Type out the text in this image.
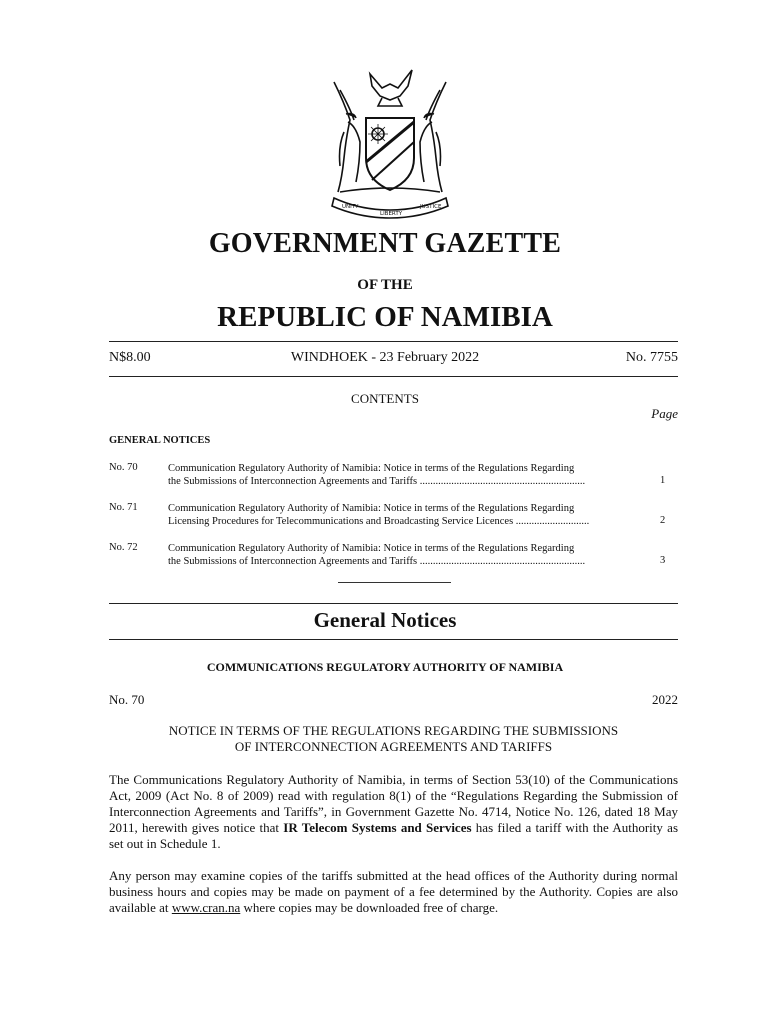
UNITY
LIBERTY
JUSTICE
GOVERNMENT GAZETTE
OF THE
REPUBLIC OF NAMIBIA
N$8.00	WINDHOEK - 23 February 2022	No. 7755
CONTENTS
Page
GENERAL NOTICES
No. 70	Communication Regulatory Authority of Namibia: Notice in terms of the Regulations Regarding
the Submissions of Interconnection Agreements and Tariffs ...............................................................	1
No. 71	Communication Regulatory Authority of Namibia: Notice in terms of the Regulations Regarding
Licensing Procedures for Telecommunications and Broadcasting Service Licences ............................	2
No. 72	Communication Regulatory Authority of Namibia: Notice in terms of the Regulations Regarding
the Submissions of Interconnection Agreements and Tariffs ...............................................................	3
General Notices
COMMUNICATIONS REGULATORY AUTHORITY OF NAMIBIA
No. 70	2022
NOTICE IN TERMS OF THE REGULATIONS REGARDING THE SUBMISSIONS
OF INTERCONNECTION AGREEMENTS AND TARIFFS
The Communications Regulatory Authority of Namibia, in terms of Section 53(10) of the Communications Act, 2009 (Act No. 8 of 2009) read with regulation 8(1) of the “Regulations Regarding the Submission of Interconnection Agreements and Tariffs”, in Government Gazette No. 4714, Notice No. 126, dated 18 May 2011, herewith gives notice that IR Telecom Systems and Services has filed a tariff with the Authority as set out in Schedule 1.
Any person may examine copies of the tariffs submitted at the head offices of the Authority during normal business hours and copies may be made on payment of a fee determined by the Authority. Copies are also available at www.cran.na where copies may be downloaded free of charge.
